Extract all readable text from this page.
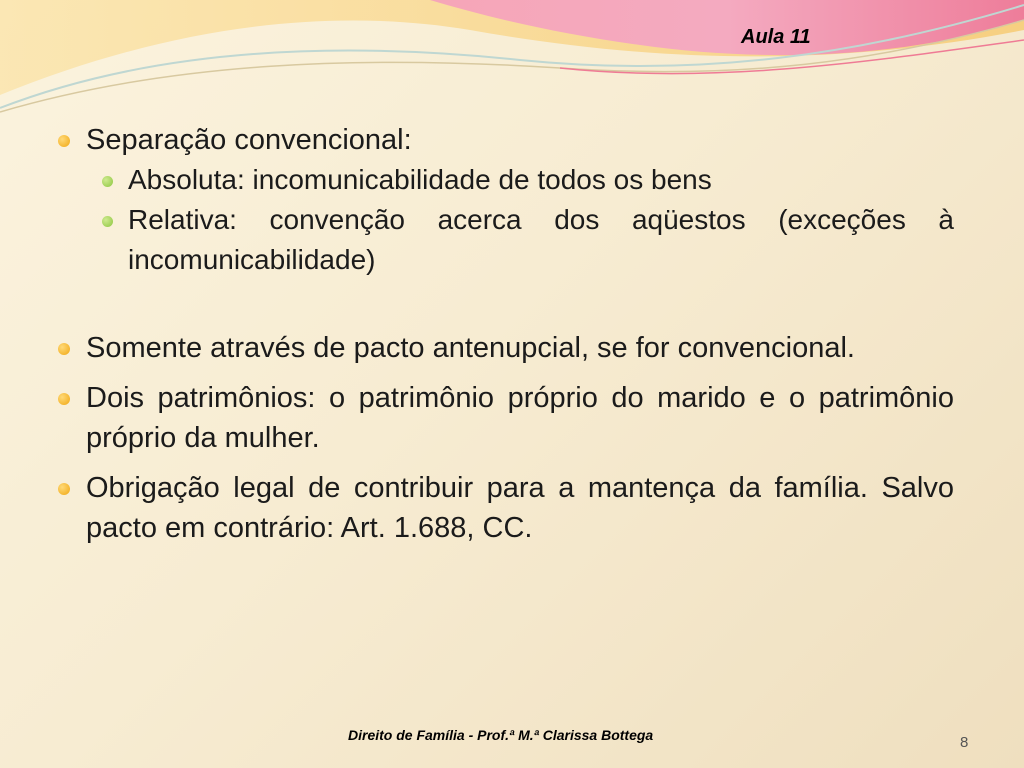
Aula 11
Separação convencional:
Absoluta: incomunicabilidade de todos os bens
Relativa: convenção acerca dos aqüestos (exceções à incomunicabilidade)
Somente através de pacto antenupcial, se for convencional.
Dois patrimônios: o patrimônio próprio do marido e o patrimônio próprio da mulher.
Obrigação legal de contribuir para a mantença da família. Salvo pacto em contrário: Art. 1.688, CC.
Direito de Família - Prof.ª M.ª Clarissa Bottega	8
